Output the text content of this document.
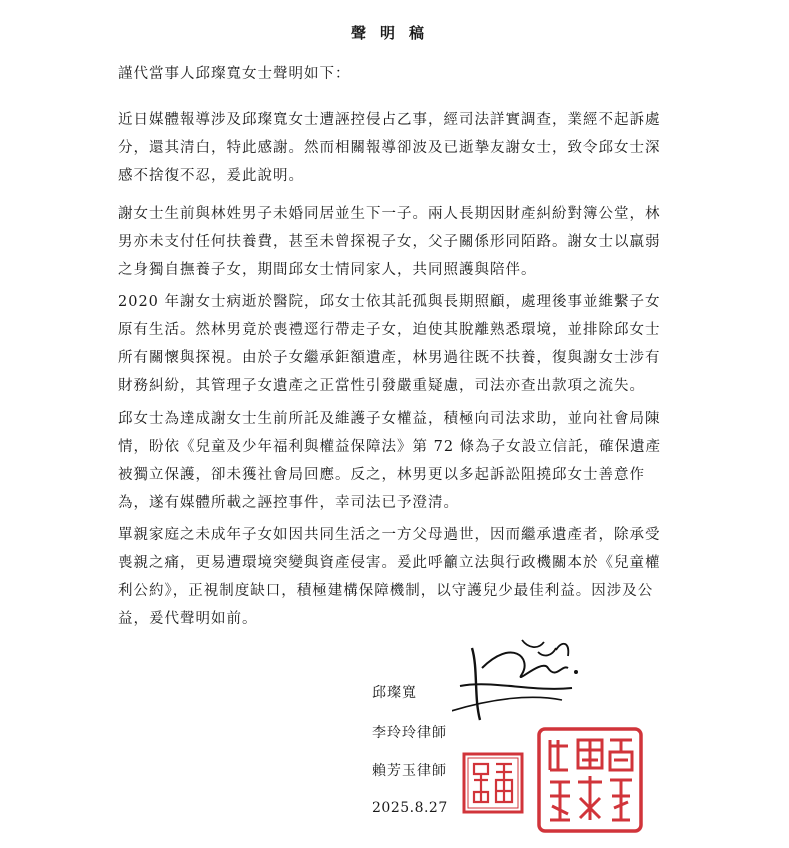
聲明稿

謹代當事人邱璨寬女士聲明如下：

近日媒體報導涉及邱璨寬女士遭誣控侵占乙事，經司法詳實調查，業經不起訴處分，還其清白，特此感謝。然而相關報導卻波及已逝摯友謝女士，致令邱女士深感不捨復不忍，爰此說明。

謝女士生前與林姓男子未婚同居並生下一子。兩人長期因財產糾紛對簿公堂，林男亦未支付任何扶養費，甚至未曾探視子女，父子關係形同陌路。謝女士以羸弱之身獨自撫養子女，期間邱女士情同家人，共同照護與陪伴。

2020 年謝女士病逝於醫院，邱女士依其託孤與長期照顧，處理後事並維繫子女原有生活。然林男竟於喪禮逕行帶走子女，迫使其脫離熟悉環境，並排除邱女士所有關懷與探視。由於子女繼承鉅額遺產，林男過往既不扶養，復與謝女士涉有財務糾紛，其管理子女遺產之正當性引發嚴重疑慮，司法亦查出款項之流失。

邱女士為達成謝女士生前所託及維護子女權益，積極向司法求助，並向社會局陳情，盼依《兒童及少年福利與權益保障法》第 72 條為子女設立信託，確保遺產被獨立保護，卻未獲社會局回應。反之，林男更以多起訴訟阻撓邱女士善意作為，遂有媒體所載之誣控事件，幸司法已予澄清。

單親家庭之未成年子女如因共同生活之一方父母過世，因而繼承遺產者，除承受喪親之痛，更易遭環境突變與資產侵害。爰此呼籲立法與行政機關本於《兒童權利公約》，正視制度缺口，積極建構保障機制，以守護兒少最佳利益。因涉及公益，爰代聲明如前。

邱璨寬
李玲玲律師
賴芳玉律師
2025.8.27
